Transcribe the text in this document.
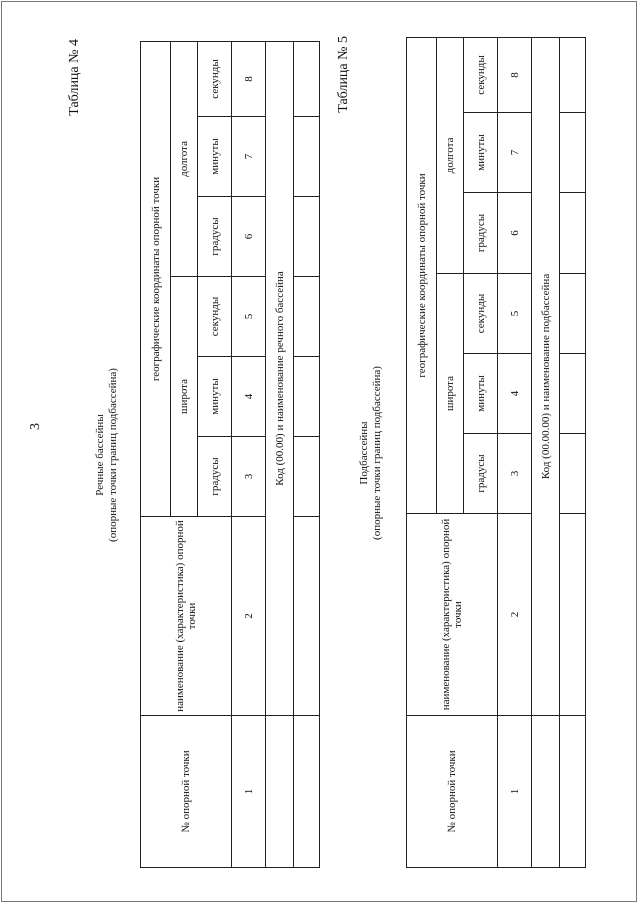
3
Таблица № 4
Речные бассейны (опорные точки границ подбассейна)
№ опорной точки	наименование (характеристика) опорной точки	географические координаты опорной точки					
		широта			долгота		
		градусы	минуты	секунды	градусы	минуты	секунды
1	2	3	4	5	6	7	8
	Код (00.00) и наименование речного бассейна						

Таблица № 5
Подбассейны (опорные точки границ подбассейна)
№ опорной точки	наименование (характеристика) опорной точки	географические координаты опорной точки					
		широта			долгота		
		градусы	минуты	секунды	градусы	минуты	секунды
1	2	3	4	5	6	7	8
	Код (00.00.00) и наименование подбассейна						
